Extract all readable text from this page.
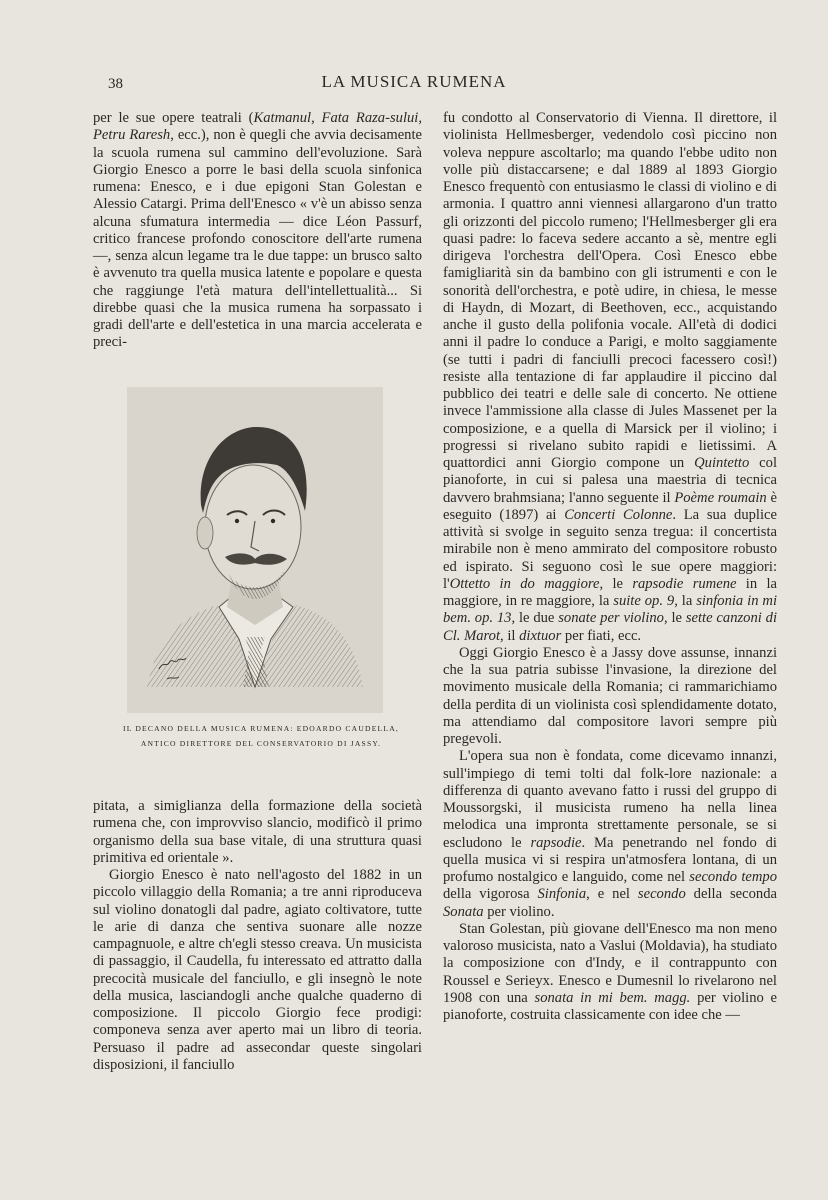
38	LA MUSICA RUMENA

per le sue opere teatrali (Katmanul, Fata Raza-sului, Petru Raresh, ecc.), non è quegli che avvia decisamente la scuola rumena sul cammino dell'evoluzione. Sarà Giorgio Enesco a porre le basi della scuola sinfonica rumena: Enesco, e i due epigoni Stan Golestan e Alessio Catargi. Prima dell'Enesco « v'è un abisso senza alcuna sfumatura intermedia — dice Léon Passurf, critico francese profondo conoscitore dell'arte rumena —, senza alcun legame tra le due tappe: un brusco salto è avvenuto tra quella musica latente e popolare e questa che raggiunge l'età matura dell'intellettualità... Si direbbe quasi che la musica rumena ha sorpassato i gradi dell'arte e dell'estetica in una marcia accelerata e preci-

pitata, a simiglianza della formazione della società rumena che, con improvviso slancio, modificò il primo organismo della sua base vitale, di una struttura quasi primitiva ed orientale ».

Giorgio Enesco è nato nell'agosto del 1882 in un piccolo villaggio della Romania; a tre anni riproduceva sul violino donatogli dal padre, agiato coltivatore, tutte le arie di danza che sentiva suonare alle nozze campagnuole, e altre ch'egli stesso creava. Un musicista di passaggio, il Caudella, fu interessato ed attratto dalla precocità musicale del fanciullo, e gli insegnò le note della musica, lasciandogli anche qualche quaderno di composizione. Il piccolo Giorgio fece prodigi: componeva senza aver aperto mai un libro di teoria. Persuaso il padre ad assecondar queste singolari disposizioni, il fanciullo

IL DECANO DELLA MUSICA RUMENA: EDOARDO CAUDELLA,
ANTICO DIRETTORE DEL CONSERVATORIO DI JASSY.

fu condotto al Conservatorio di Vienna. Il direttore, il violinista Hellmesberger, vedendolo così piccino non voleva neppure ascoltarlo; ma quando l'ebbe udito non volle più distaccarsene; e dal 1889 al 1893 Giorgio Enesco frequentò con entusiasmo le classi di violino e di armonia. I quattro anni viennesi allargarono d'un tratto gli orizzonti del piccolo rumeno; l'Hellmesberger gli era quasi padre: lo faceva sedere accanto a sè, mentre egli dirigeva l'orchestra dell'Opera. Così Enesco ebbe famigliarità sin da bambino con gli istrumenti e con le sonorità dell'orchestra, e potè udire, in chiesa, le messe di Haydn, di Mozart, di Beethoven, ecc., acquistando anche il gusto della polifonia vocale. All'età di dodici anni il padre lo conduce a Parigi, e molto saggiamente (se tutti i padri di fanciulli precoci facessero così!) resiste alla tentazione di far applaudire il piccino dal pubblico dei teatri e delle sale di concerto. Ne ottiene invece l'ammissione alla classe di Jules Massenet per la composizione, e a quella di Marsick per il violino; i progressi si rivelano subito rapidi e lietissimi. A quattordici anni Giorgio compone un Quintetto col pianoforte, in cui si palesa una maestria di tecnica davvero brahmsiana; l'anno seguente il Poème roumain è eseguito (1897) ai Concerti Colonne. La sua duplice attività si svolge in seguito senza tregua: il concertista mirabile non è meno ammirato del compositore robusto ed ispirato. Si seguono così le sue opere maggiori: l'Ottetto in do maggiore, le rapsodie rumene in la maggiore, in re maggiore, la suite op. 9, la sinfonia in mi bem. op. 13, le due sonate per violino, le sette canzoni di Cl. Marot, il dixtuor per fiati, ecc.

Oggi Giorgio Enesco è a Jassy dove assunse, innanzi che la sua patria subisse l'invasione, la direzione del movimento musicale della Romania; ci rammarichiamo della perdita di un violinista così splendidamente dotato, ma attendiamo dal compositore lavori sempre più pregevoli.

L'opera sua non è fondata, come dicevamo innanzi, sull'impiego di temi tolti dal folk-lore nazionale: a differenza di quanto avevano fatto i russi del gruppo di Moussorgski, il musicista rumeno ha nella linea melodica una impronta strettamente personale, se si escludono le rapsodie. Ma penetrando nel fondo di quella musica vi si respira un'atmosfera lontana, di un profumo nostalgico e languido, come nel secondo tempo della vigorosa Sinfonia, e nel secondo della seconda Sonata per violino.

Stan Golestan, più giovane dell'Enesco ma non meno valoroso musicista, nato a Vaslui (Moldavia), ha studiato la composizione con d'Indy, e il contrappunto con Roussel e Serieyx. Enesco e Dumesnil lo rivelarono nel 1908 con una sonata in mi bem. magg. per violino e pianoforte, costruita classicamente con idee che —
